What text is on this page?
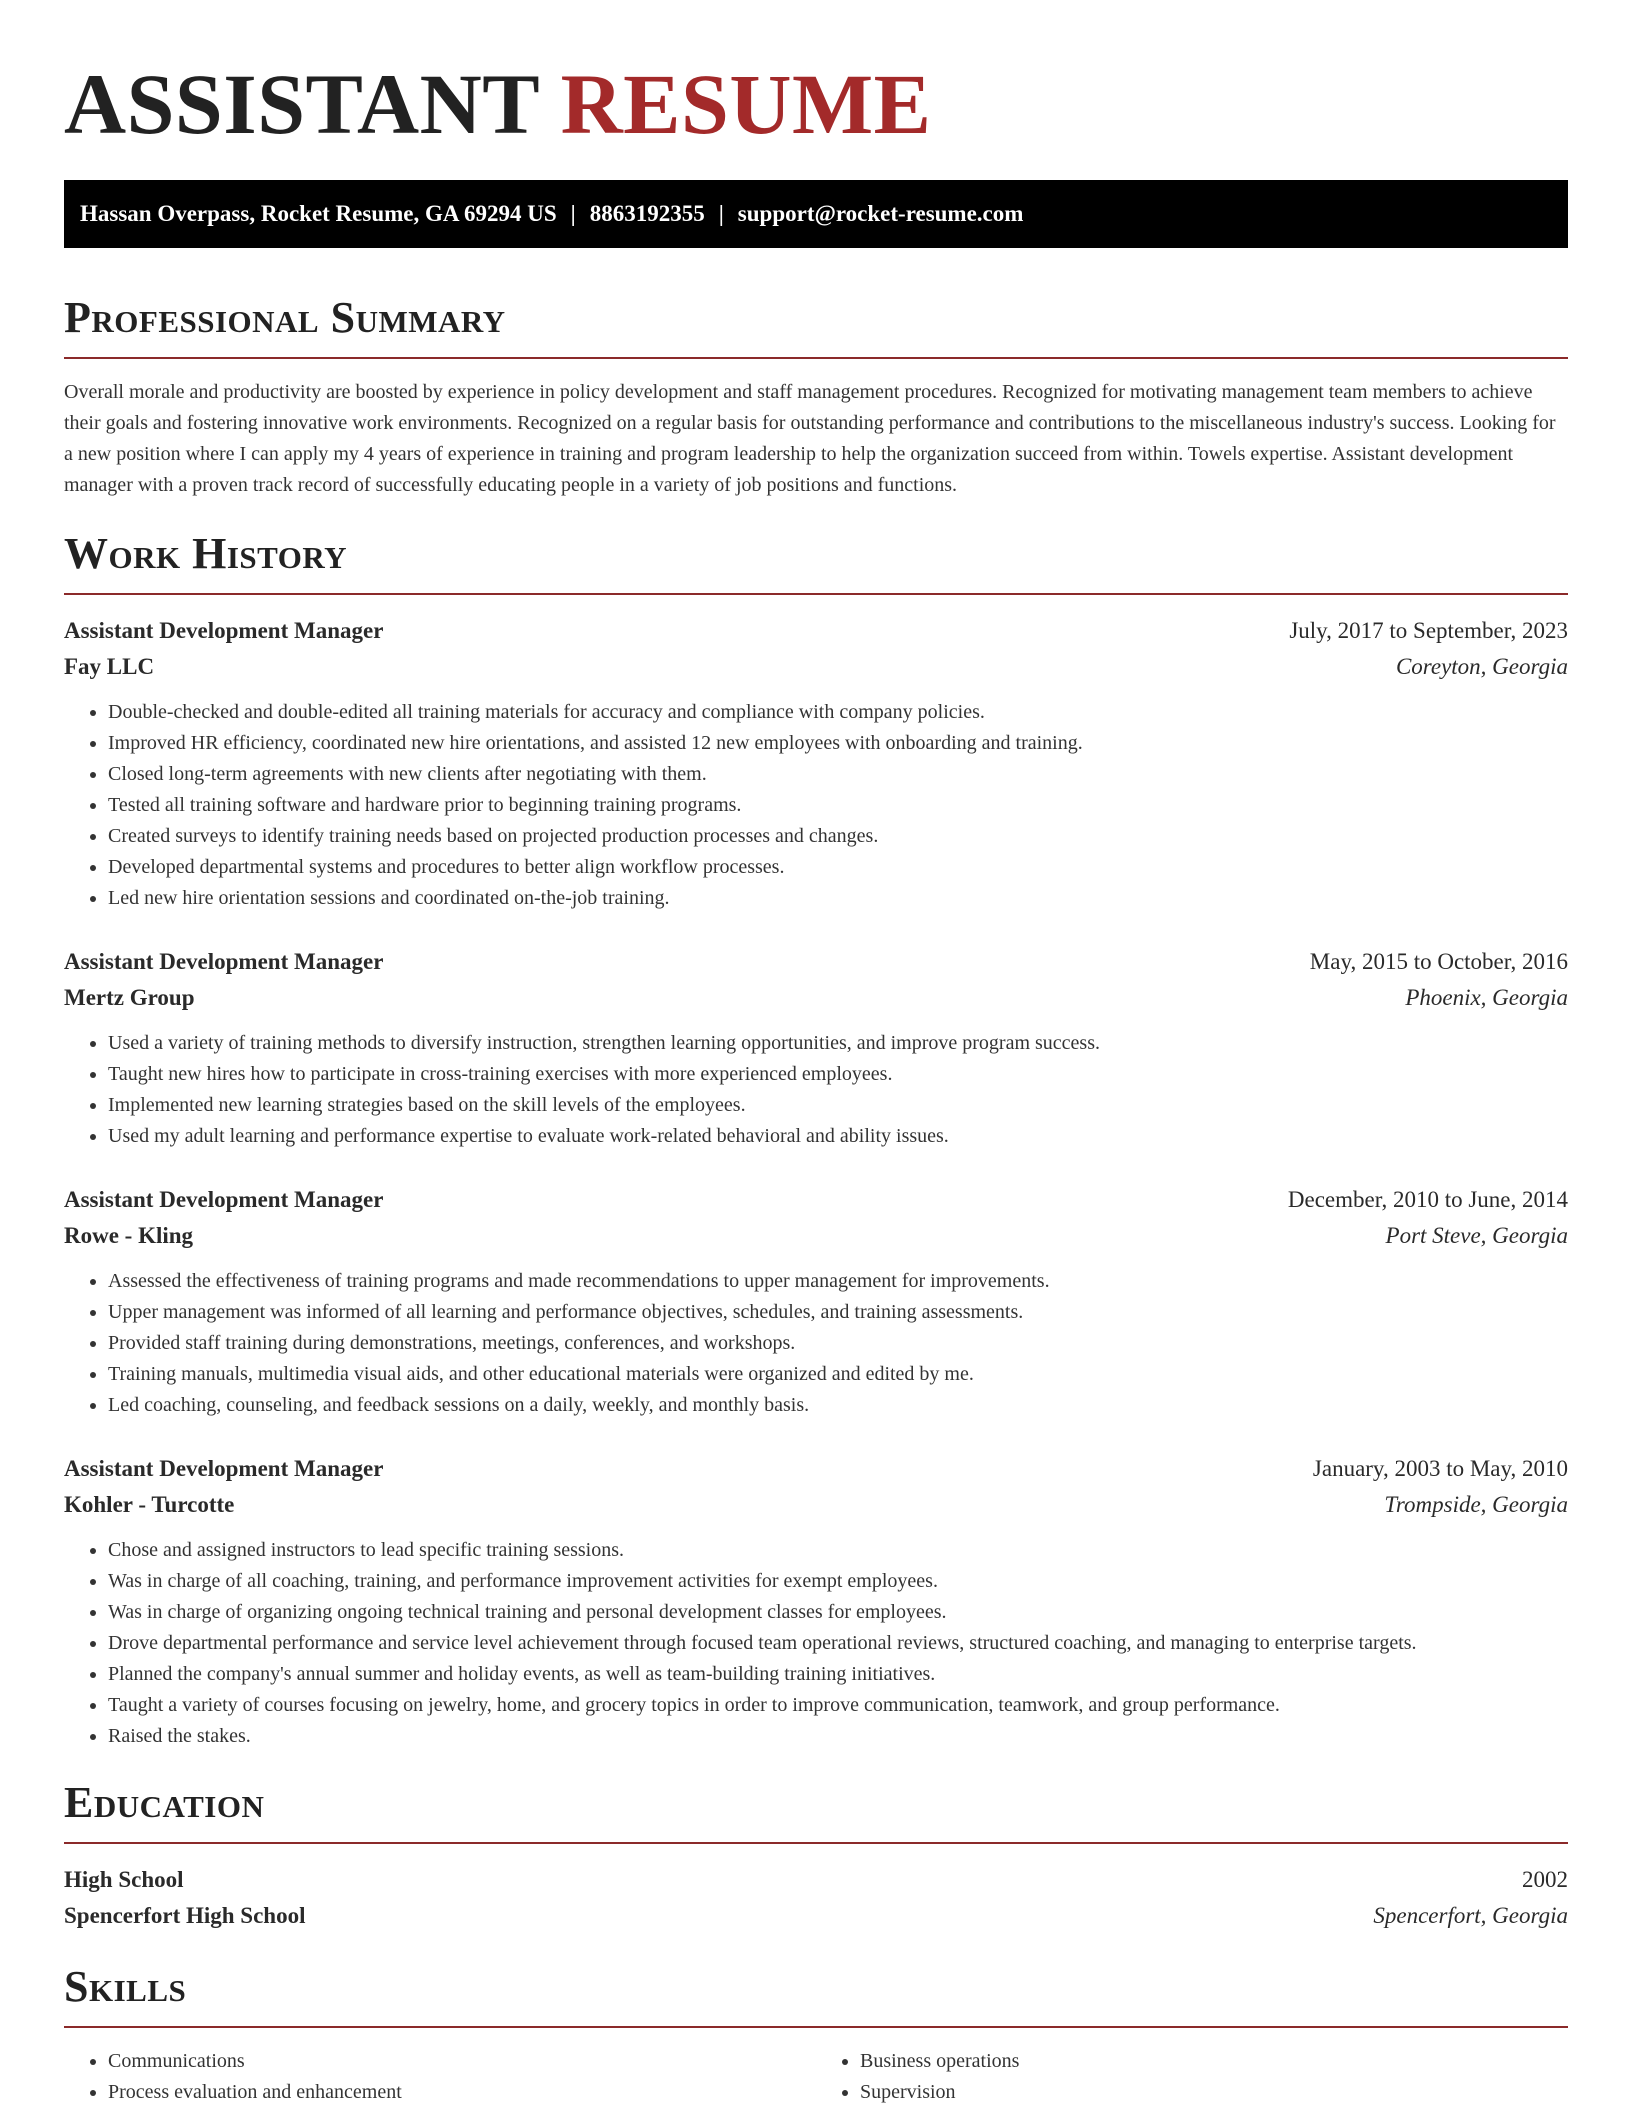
ASSISTANT RESUME
Hassan Overpass, Rocket Resume, GA 69294 US | 8863192355 | support@rocket-resume.com
Professional Summary

Overall morale and productivity are boosted by experience in policy development and staff management procedures. Recognized for motivating management team members to achieve their goals and fostering innovative work environments. Recognized on a regular basis for outstanding performance and contributions to the miscellaneous industry's success. Looking for a new position where I can apply my 4 years of experience in training and program leadership to help the organization succeed from within. Towels expertise. Assistant development manager with a proven track record of successfully educating people in a variety of job positions and functions.

Work History
Assistant Development Manager	July, 2017 to September, 2023
Fay LLC	Coreyton, Georgia
• Double-checked and double-edited all training materials for accuracy and compliance with company policies.
• Improved HR efficiency, coordinated new hire orientations, and assisted 12 new employees with onboarding and training.
• Closed long-term agreements with new clients after negotiating with them.
• Tested all training software and hardware prior to beginning training programs.
• Created surveys to identify training needs based on projected production processes and changes.
• Developed departmental systems and procedures to better align workflow processes.
• Led new hire orientation sessions and coordinated on-the-job training.
Assistant Development Manager	May, 2015 to October, 2016
Mertz Group	Phoenix, Georgia
• Used a variety of training methods to diversify instruction, strengthen learning opportunities, and improve program success.
• Taught new hires how to participate in cross-training exercises with more experienced employees.
• Implemented new learning strategies based on the skill levels of the employees.
• Used my adult learning and performance expertise to evaluate work-related behavioral and ability issues.
Assistant Development Manager	December, 2010 to June, 2014
Rowe - Kling	Port Steve, Georgia
• Assessed the effectiveness of training programs and made recommendations to upper management for improvements.
• Upper management was informed of all learning and performance objectives, schedules, and training assessments.
• Provided staff training during demonstrations, meetings, conferences, and workshops.
• Training manuals, multimedia visual aids, and other educational materials were organized and edited by me.
• Led coaching, counseling, and feedback sessions on a daily, weekly, and monthly basis.
Assistant Development Manager	January, 2003 to May, 2010
Kohler - Turcotte	Trompside, Georgia
• Chose and assigned instructors to lead specific training sessions.
• Was in charge of all coaching, training, and performance improvement activities for exempt employees.
• Was in charge of organizing ongoing technical training and personal development classes for employees.
• Drove departmental performance and service level achievement through focused team operational reviews, structured coaching, and managing to enterprise targets.
• Planned the company's annual summer and holiday events, as well as team-building training initiatives.
• Taught a variety of courses focusing on jewelry, home, and grocery topics in order to improve communication, teamwork, and group performance.
• Raised the stakes.
Education
High School	2002
Spencerfort High School	Spencerfort, Georgia
Skills
• Communications
• Process evaluation and enhancement
• Business operations
• Supervision
